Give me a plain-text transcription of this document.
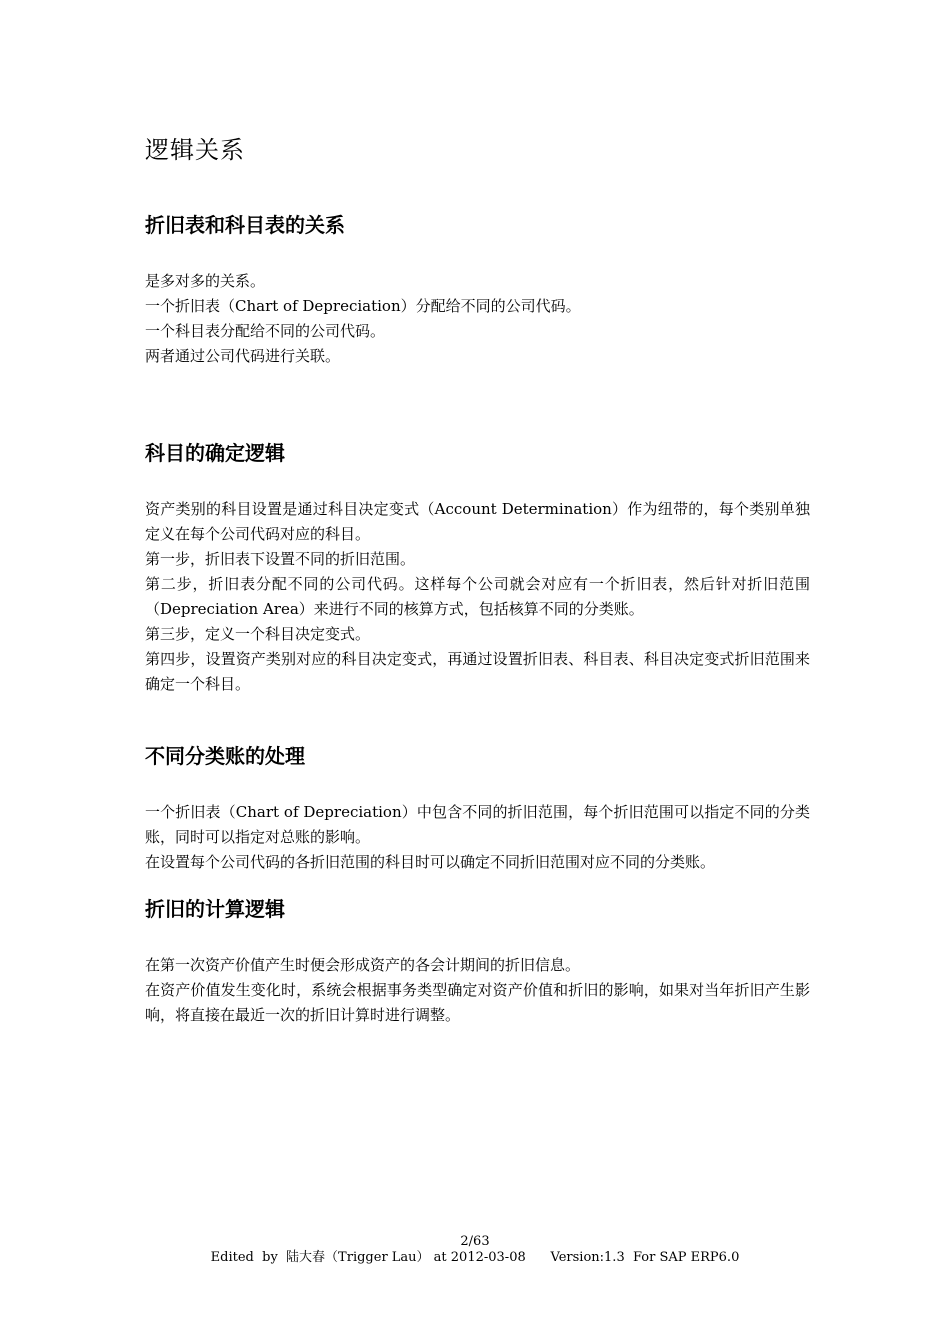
逻辑关系
折旧表和科目表的关系

是多对多的关系。

一个折旧表（Chart of Depreciation）分配给不同的公司代码。

一个科目表分配给不同的公司代码。

两者通过公司代码进行关联。

科目的确定逻辑

资产类别的科目设置是通过科目决定变式（Account Determination）作为纽带的，每个类别单独定义在每个公司代码对应的科目。

第一步，折旧表下设置不同的折旧范围。

第二步，折旧表分配不同的公司代码。这样每个公司就会对应有一个折旧表，然后针对折旧范围（Depreciation Area）来进行不同的核算方式，包括核算不同的分类账。

第三步，定义一个科目决定变式。

第四步，设置资产类别对应的科目决定变式，再通过设置折旧表、科目表、科目决定变式折旧范围来确定一个科目。

不同分类账的处理

一个折旧表（Chart of Depreciation）中包含不同的折旧范围，每个折旧范围可以指定不同的分类账，同时可以指定对总账的影响。

在设置每个公司代码的各折旧范围的科目时可以确定不同折旧范围对应不同的分类账。

折旧的计算逻辑

在第一次资产价值产生时便会形成资产的各会计期间的折旧信息。

在资产价值发生变化时，系统会根据事务类型确定对资产价值和折旧的影响，如果对当年折旧产生影响，将直接在最近一次的折旧计算时进行调整。

2/63
Edited  by  陆大春（Trigger Lau） at 2012-03-08      Version:1.3  For SAP ERP6.0
